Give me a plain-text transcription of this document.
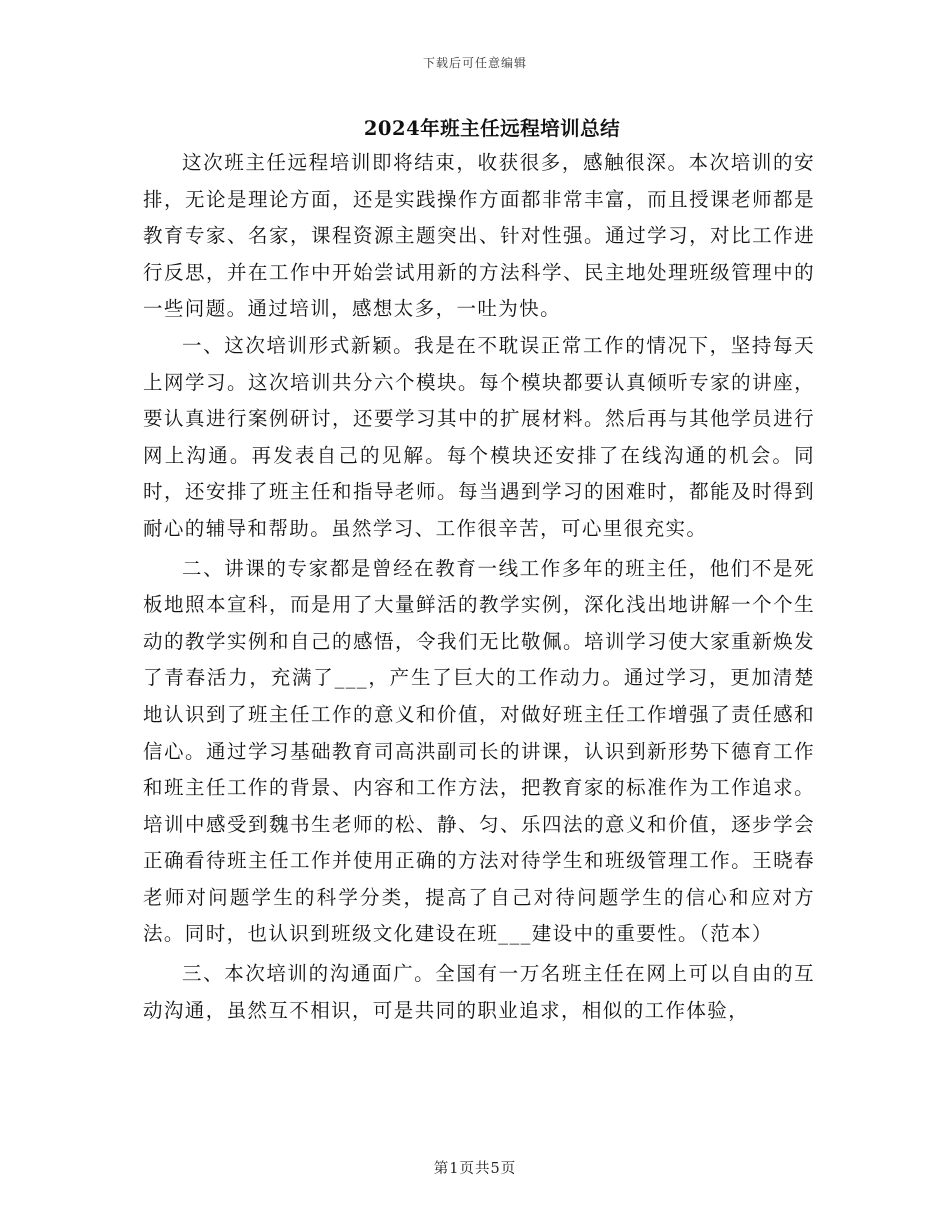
下载后可任意编辑
2024年班主任远程培训总结

这次班主任远程培训即将结束，收获很多，感触很深。本次培训的安排，无论是理论方面，还是实践操作方面都非常丰富，而且授课老师都是教育专家、名家，课程资源主题突出、针对性强。通过学习，对比工作进行反思，并在工作中开始尝试用新的方法科学、民主地处理班级管理中的一些问题。通过培训，感想太多，一吐为快。

一、这次培训形式新颖。我是在不耽误正常工作的情况下，坚持每天上网学习。这次培训共分六个模块。每个模块都要认真倾听专家的讲座，要认真进行案例研讨，还要学习其中的扩展材料。然后再与其他学员进行网上沟通。再发表自己的见解。每个模块还安排了在线沟通的机会。同时，还安排了班主任和指导老师。每当遇到学习的困难时，都能及时得到耐心的辅导和帮助。虽然学习、工作很辛苦，可心里很充实。

二、讲课的专家都是曾经在教育一线工作多年的班主任，他们不是死板地照本宣科，而是用了大量鲜活的教学实例，深化浅出地讲解一个个生动的教学实例和自己的感悟，令我们无比敬佩。培训学习使大家重新焕发了青春活力，充满了___，产生了巨大的工作动力。通过学习，更加清楚地认识到了班主任工作的意义和价值，对做好班主任工作增强了责任感和信心。通过学习基础教育司高洪副司长的讲课，认识到新形势下德育工作和班主任工作的背景、内容和工作方法，把教育家的标准作为工作追求。培训中感受到魏书生老师的松、静、匀、乐四法的意义和价值，逐步学会正确看待班主任工作并使用正确的方法对待学生和班级管理工作。王晓春老师对问题学生的科学分类，提高了自己对待问题学生的信心和应对方法。同时，也认识到班级文化建设在班___建设中的重要性。（范本）

三、本次培训的沟通面广。全国有一万名班主任在网上可以自由的互动沟通，虽然互不相识，可是共同的职业追求，相似的工作体验，

第1页共5页
